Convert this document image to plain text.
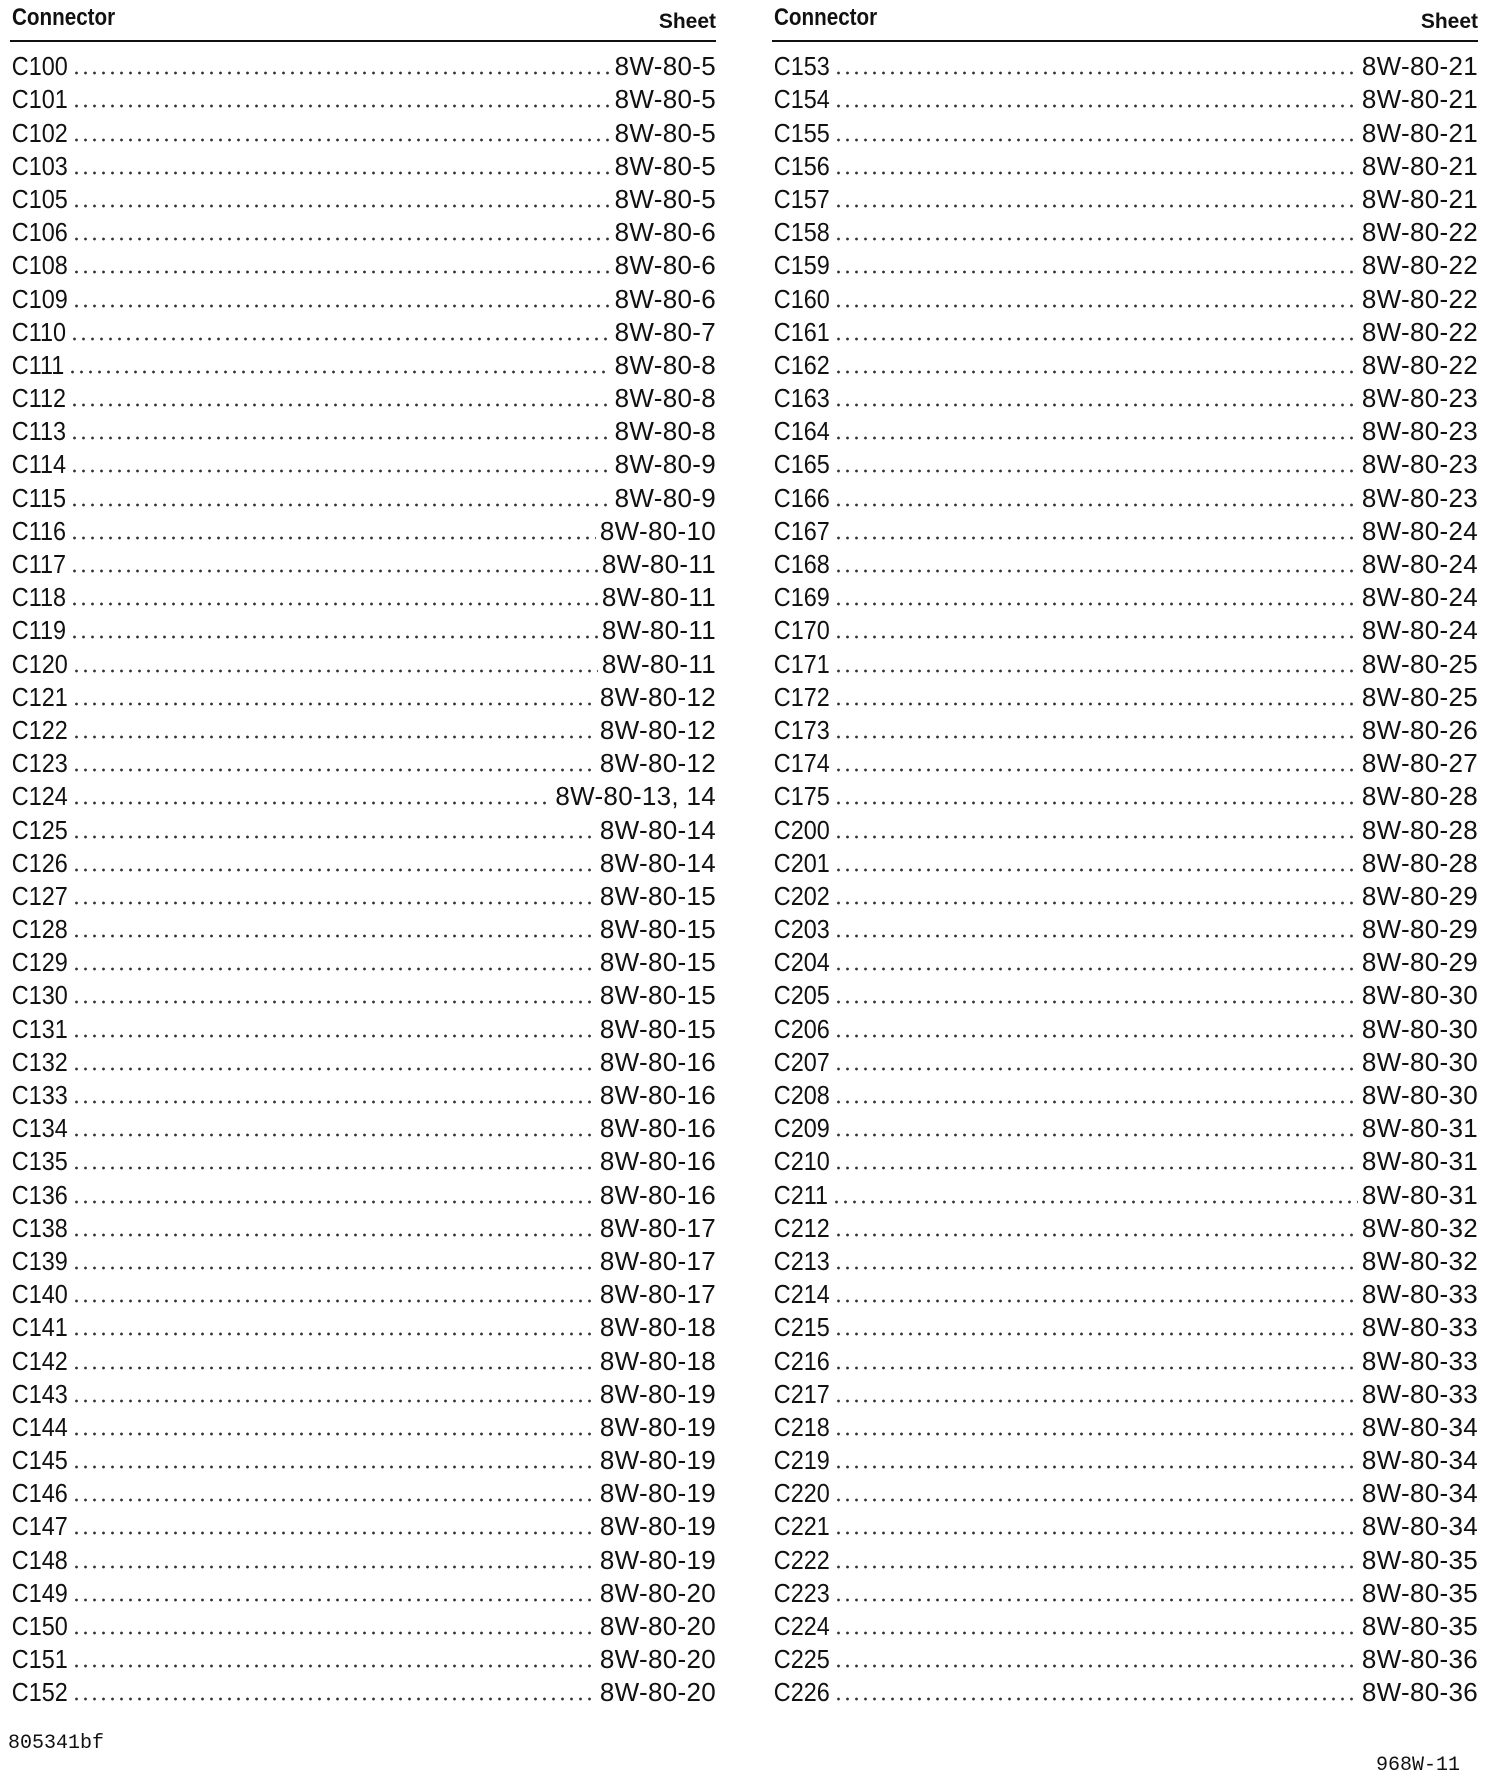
Connector	Sheet
C100	8W-80-5
C101	8W-80-5
C102	8W-80-5
C103	8W-80-5
C105	8W-80-5
C106	8W-80-6
C108	8W-80-6
C109	8W-80-6
C110	8W-80-7
C111	8W-80-8
C112	8W-80-8
C113	8W-80-8
C114	8W-80-9
C115	8W-80-9
C116	8W-80-10
C117	8W-80-11
C118	8W-80-11
C119	8W-80-11
C120	8W-80-11
C121	8W-80-12
C122	8W-80-12
C123	8W-80-12
C124	8W-80-13, 14
C125	8W-80-14
C126	8W-80-14
C127	8W-80-15
C128	8W-80-15
C129	8W-80-15
C130	8W-80-15
C131	8W-80-15
C132	8W-80-16
C133	8W-80-16
C134	8W-80-16
C135	8W-80-16
C136	8W-80-16
C138	8W-80-17
C139	8W-80-17
C140	8W-80-17
C141	8W-80-18
C142	8W-80-18
C143	8W-80-19
C144	8W-80-19
C145	8W-80-19
C146	8W-80-19
C147	8W-80-19
C148	8W-80-19
C149	8W-80-20
C150	8W-80-20
C151	8W-80-20
C152	8W-80-20
Connector	Sheet
C153	8W-80-21
C154	8W-80-21
C155	8W-80-21
C156	8W-80-21
C157	8W-80-21
C158	8W-80-22
C159	8W-80-22
C160	8W-80-22
C161	8W-80-22
C162	8W-80-22
C163	8W-80-23
C164	8W-80-23
C165	8W-80-23
C166	8W-80-23
C167	8W-80-24
C168	8W-80-24
C169	8W-80-24
C170	8W-80-24
C171	8W-80-25
C172	8W-80-25
C173	8W-80-26
C174	8W-80-27
C175	8W-80-28
C200	8W-80-28
C201	8W-80-28
C202	8W-80-29
C203	8W-80-29
C204	8W-80-29
C205	8W-80-30
C206	8W-80-30
C207	8W-80-30
C208	8W-80-30
C209	8W-80-31
C210	8W-80-31
C211	8W-80-31
C212	8W-80-32
C213	8W-80-32
C214	8W-80-33
C215	8W-80-33
C216	8W-80-33
C217	8W-80-33
C218	8W-80-34
C219	8W-80-34
C220	8W-80-34
C221	8W-80-34
C222	8W-80-35
C223	8W-80-35
C224	8W-80-35
C225	8W-80-36
C226	8W-80-36
805341bf
968W-11
